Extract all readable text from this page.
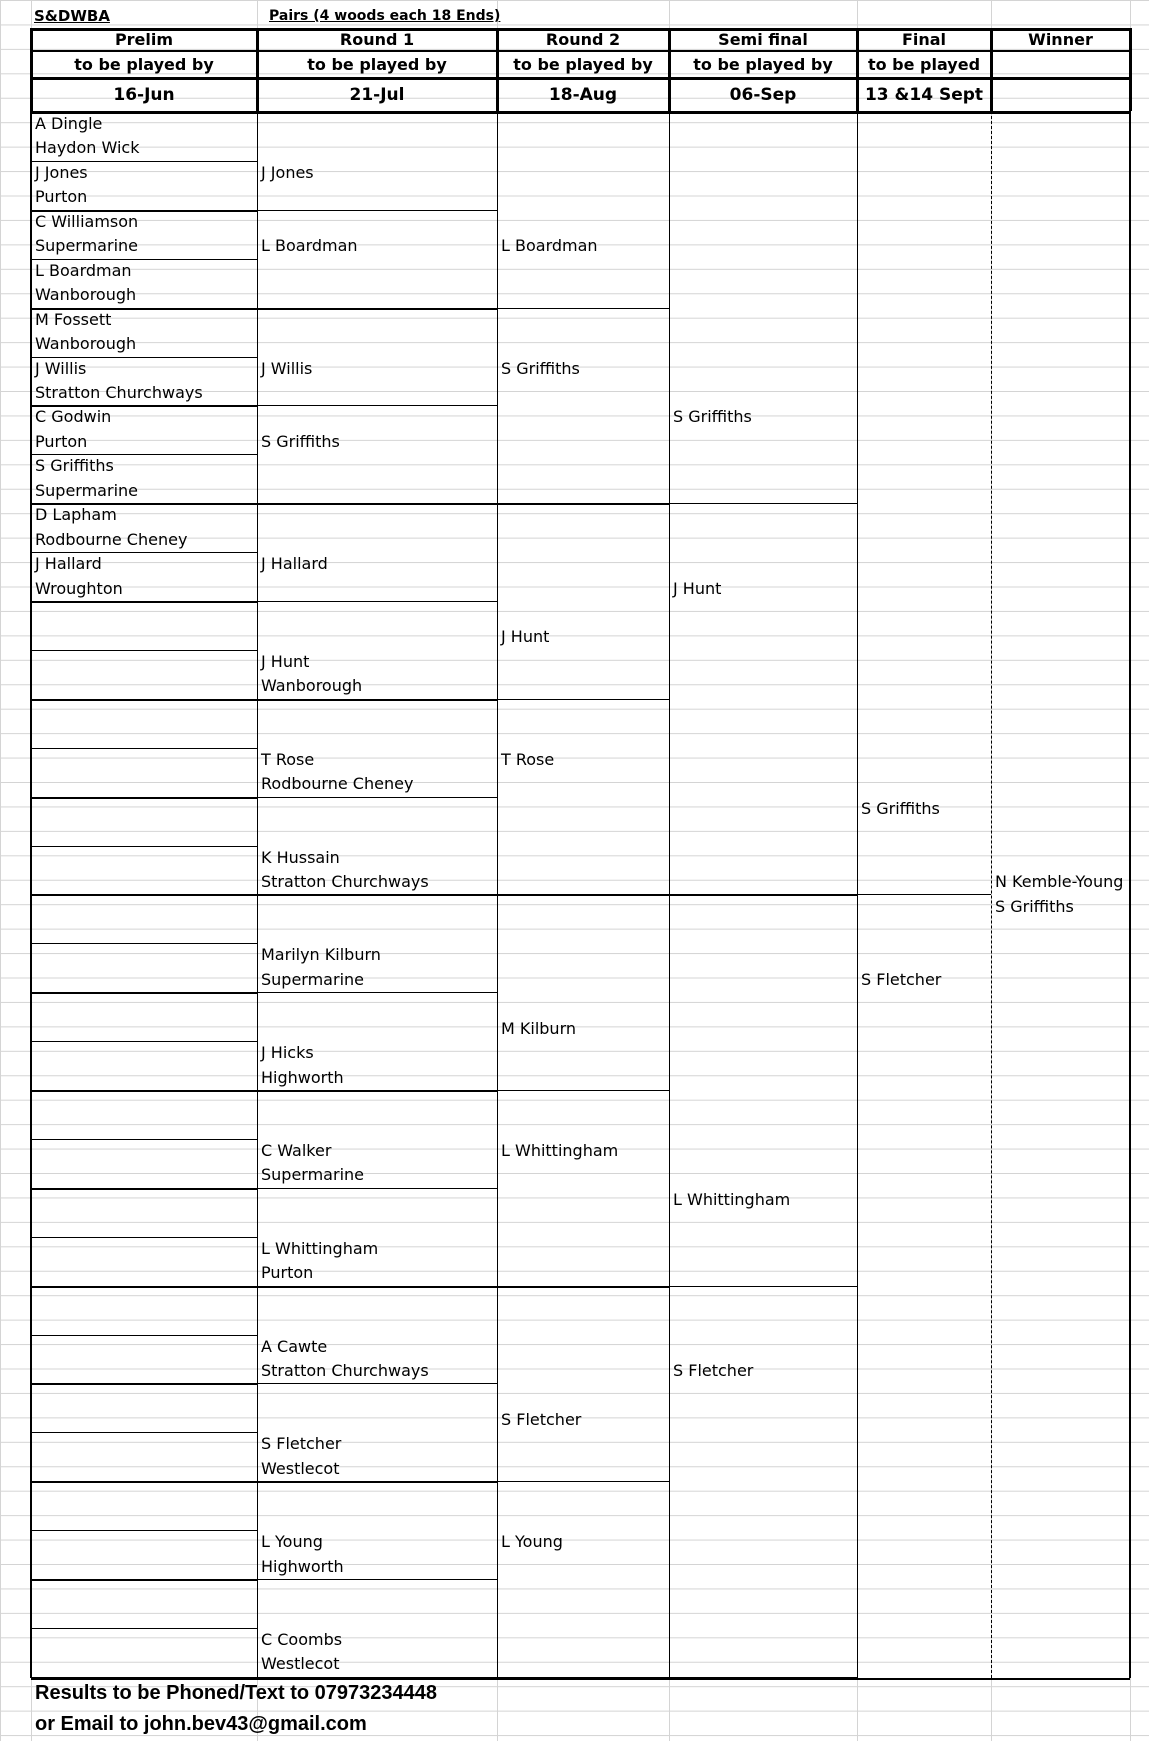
S&DWBA	Pairs (4 woods each 18 Ends)
Results to be Phoned/Text to 07973234448
or Email to john.bev43@gmail.com
Prelim
to be played by
16-Jun
Round 1
to be played by
21-Jul
Round 2
to be played by
18-Aug
Semi final
to be played by
06-Sep
Final
to be played
13 &14 Sept
Winner
A Dingle
Haydon Wick
J Jones
Purton
C Williamson
Supermarine
L Boardman
Wanborough
M Fossett
Wanborough
J Willis
Stratton Churchways
C Godwin
Purton
S Griffiths
Supermarine
D Lapham
Rodbourne Cheney
J Hallard
Wroughton
J Jones
L Boardman
J Willis
S Griffiths
J Hallard
J Hunt
Wanborough
T Rose
Rodbourne Cheney
K Hussain
Stratton Churchways
Marilyn Kilburn
Supermarine
J Hicks
Highworth
C Walker
Supermarine
L Whittingham
Purton
A Cawte
Stratton Churchways
S Fletcher
Westlecot
L Young
Highworth
C Coombs
Westlecot
L Boardman
S Griffiths
J Hunt
T Rose
M Kilburn
L Whittingham
S Fletcher
L Young
S Griffiths
J Hunt
L Whittingham
S Fletcher
S Griffiths
S Fletcher
N Kemble-Young
S Griffiths
